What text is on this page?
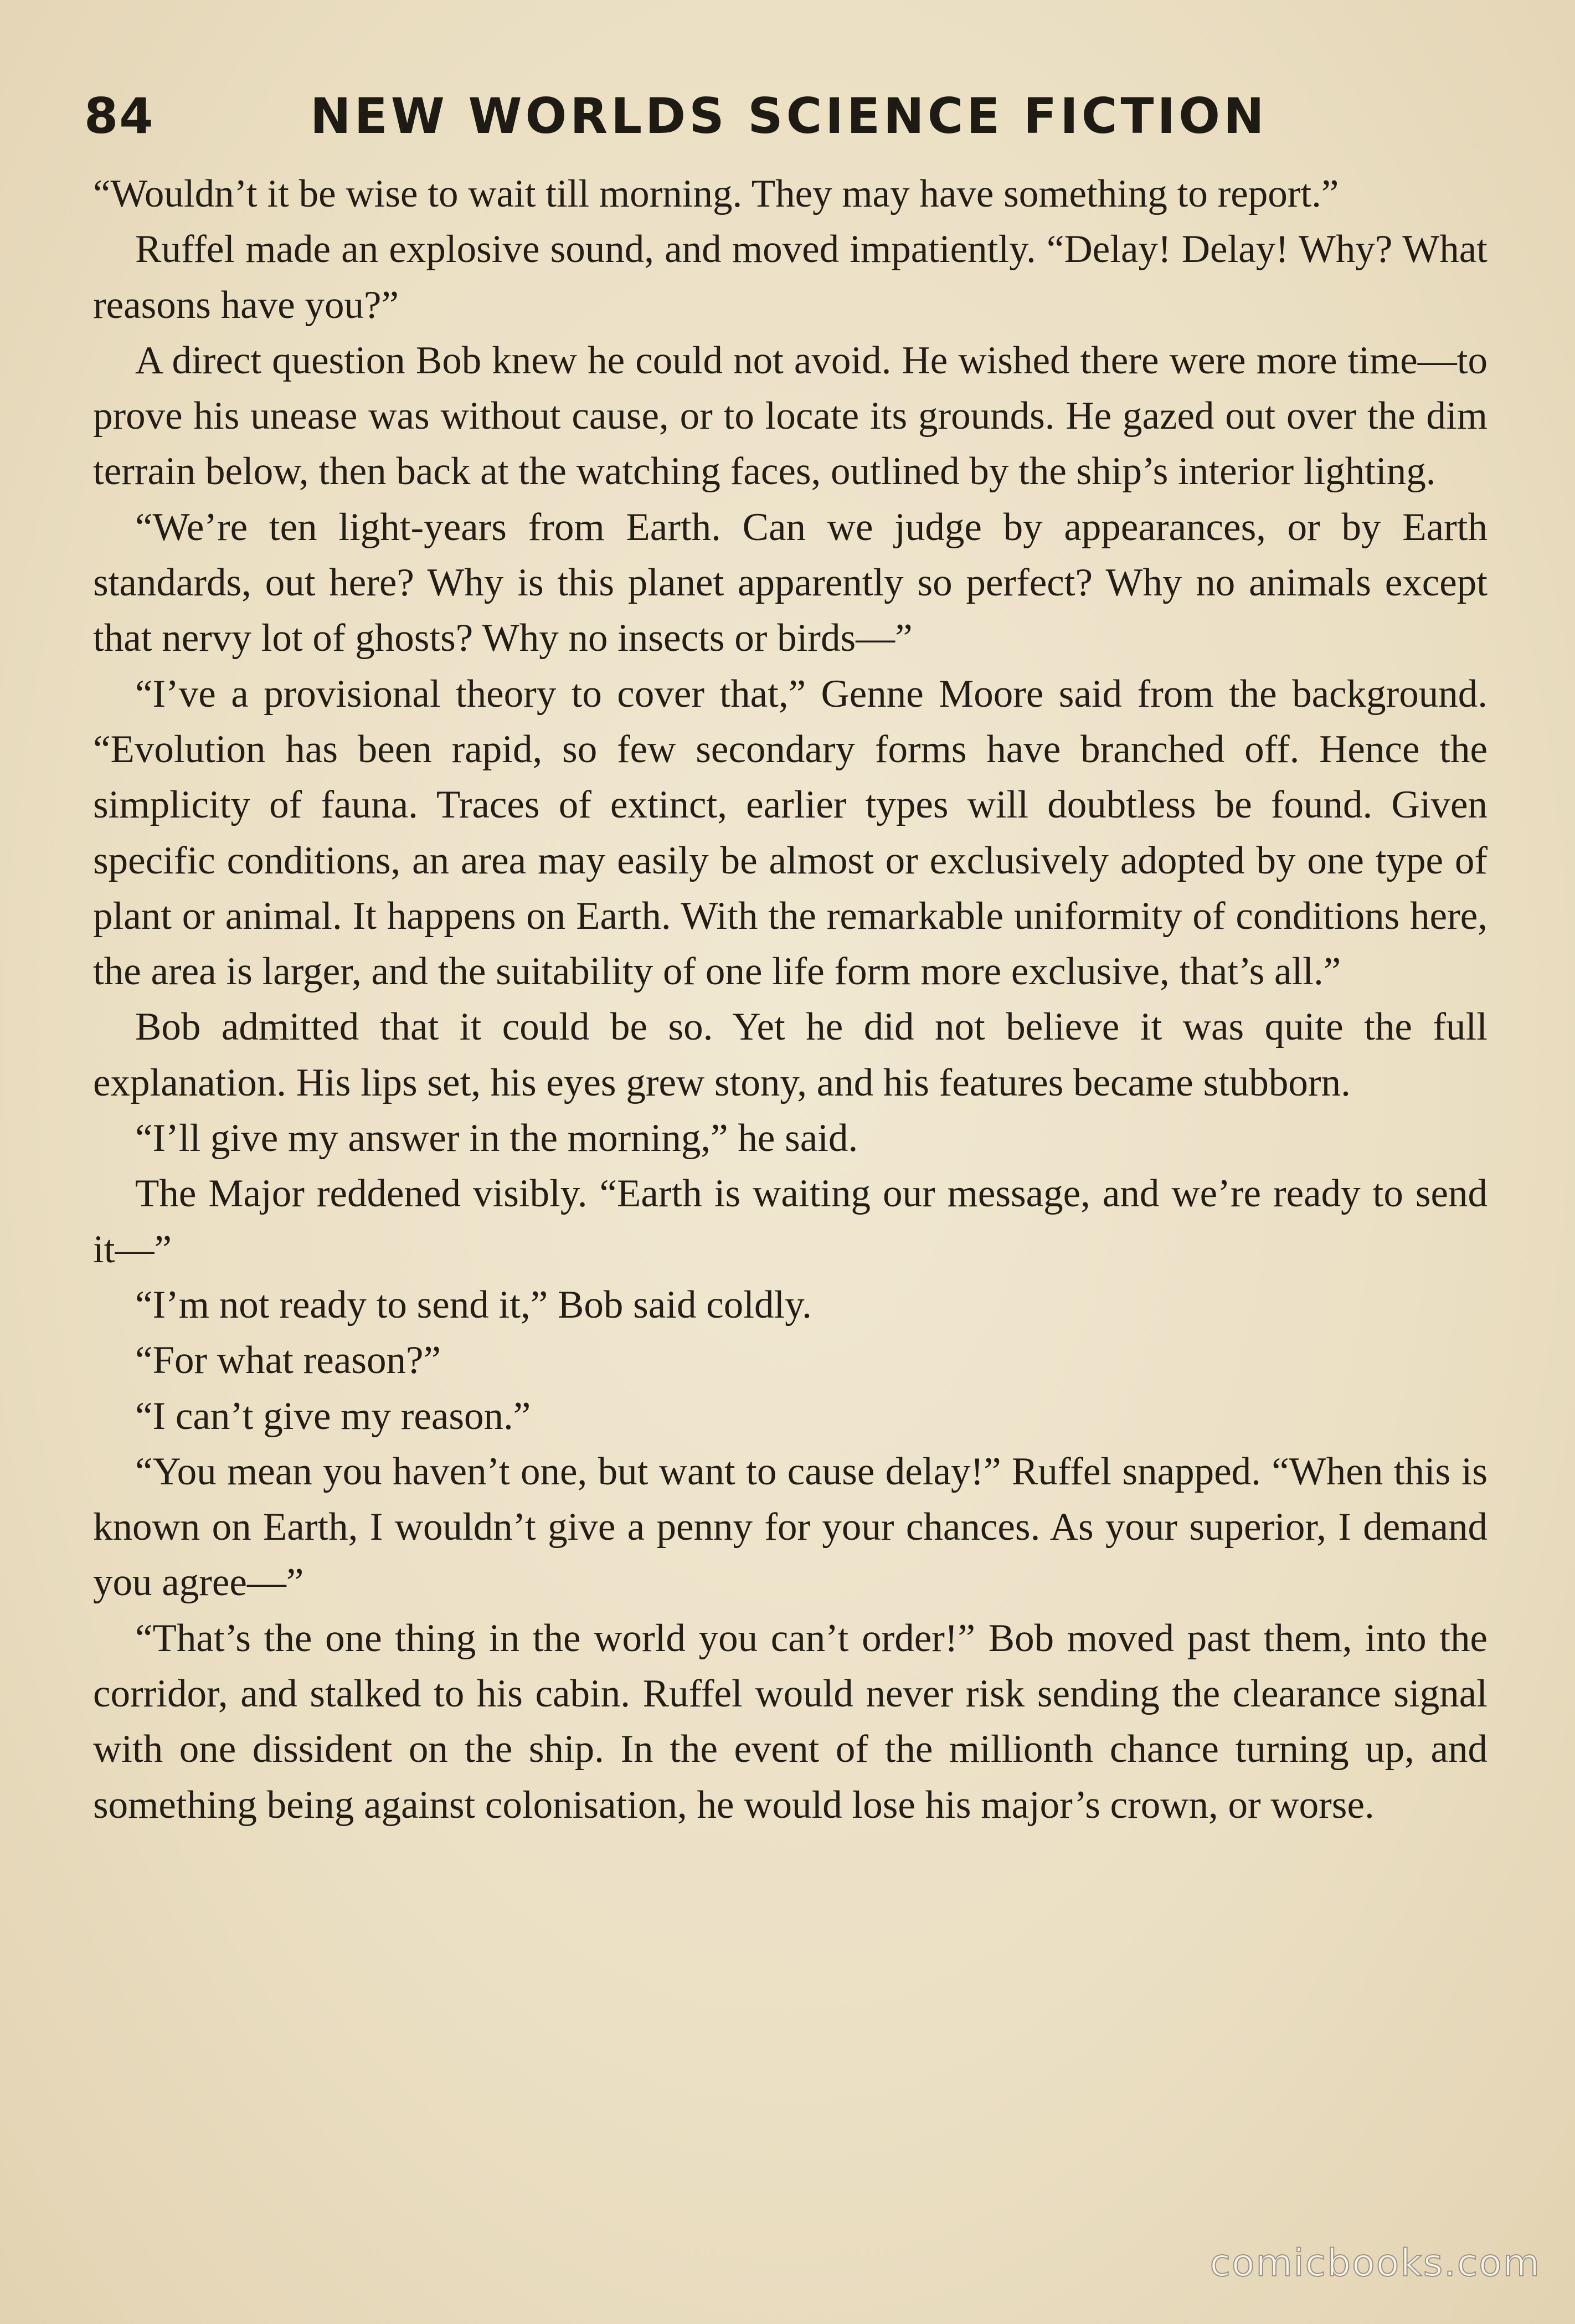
84	NEW WORLDS SCIENCE FICTION

“Wouldn’t it be wise to wait till morning. They may have something to report.”

Ruffel made an explosive sound, and moved impatiently. “Delay! Delay! Why? What reasons have you?”

A direct question Bob knew he could not avoid. He wished there were more time—to prove his unease was without cause, or to locate its grounds. He gazed out over the dim terrain below, then back at the watching faces, outlined by the ship’s interior lighting.

“We’re ten light-years from Earth. Can we judge by appearances, or by Earth standards, out here? Why is this planet apparently so perfect? Why no animals except that nervy lot of ghosts? Why no insects or birds—”

“I’ve a provisional theory to cover that,” Genne Moore said from the background. “Evolution has been rapid, so few secondary forms have branched off. Hence the simplicity of fauna. Traces of extinct, earlier types will doubtless be found. Given specific conditions, an area may easily be almost or exclusively adopted by one type of plant or animal. It happens on Earth. With the remarkable uniformity of conditions here, the area is larger, and the suitability of one life form more exclusive, that’s all.”

Bob admitted that it could be so. Yet he did not believe it was quite the full explanation. His lips set, his eyes grew stony, and his features became stubborn.

“I’ll give my answer in the morning,” he said.

The Major reddened visibly. “Earth is waiting our message, and we’re ready to send it—”

“I’m not ready to send it,” Bob said coldly.

“For what reason?”

“I can’t give my reason.”

“You mean you haven’t one, but want to cause delay!” Ruffel snapped. “When this is known on Earth, I wouldn’t give a penny for your chances. As your superior, I demand you agree—”

“That’s the one thing in the world you can’t order!” Bob moved past them, into the corridor, and stalked to his cabin. Ruffel would never risk sending the clearance signal with one dissident on the ship. In the event of the millionth chance turning up, and something being against colonisation, he would lose his major’s crown, or worse.

comicbooks.com
